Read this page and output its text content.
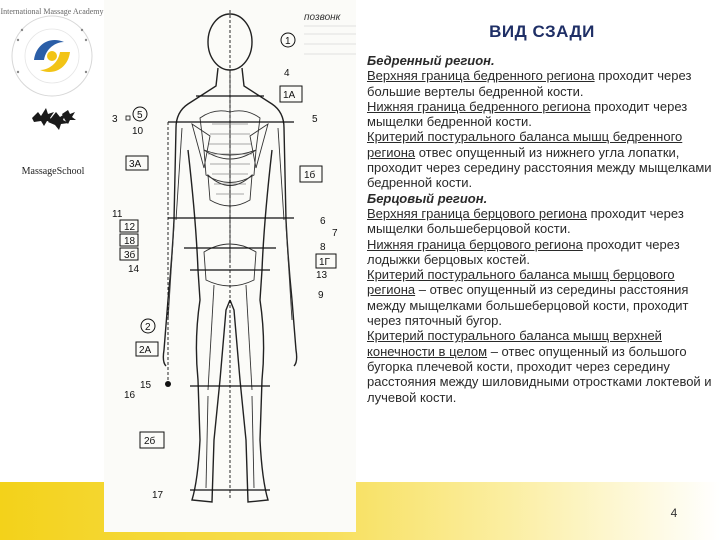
International Massage Academy
MassageSchool
позвонк
5
3
10
3А
11
12
18
3б
14
2
2А
15
16
2б
17
1
4
1А
5
1б
6
7
8
1Г
13
9
ВИД СЗАДИ

Бедренный регион.

Верхняя граница бедренного региона проходит через большие вертелы бедренной кости.

Нижняя граница бедренного региона проходит через мыщелки бедренной кости.

Критерий постурального баланса мышц бедренного региона отвес опущенный из нижнего угла лопатки, проходит через середину расстояния между мыщелками бедренной кости.

Берцовый регион.

Верхняя граница берцового региона проходит через мыщелки большеберцовой кости.

Нижняя граница берцового региона проходит через лодыжки берцовых костей.

Критерий постурального баланса мышц берцового региона – отвес опущенный из середины расстояния между мыщелками большеберцовой кости, проходит через пяточный бугор.

Критерий постурального баланса мышц верхней конечности в целом – отвес опущенный из большого бугорка плечевой кости, проходит через середину расстояния между шиловидными отростками локтевой и лучевой кости.

4
